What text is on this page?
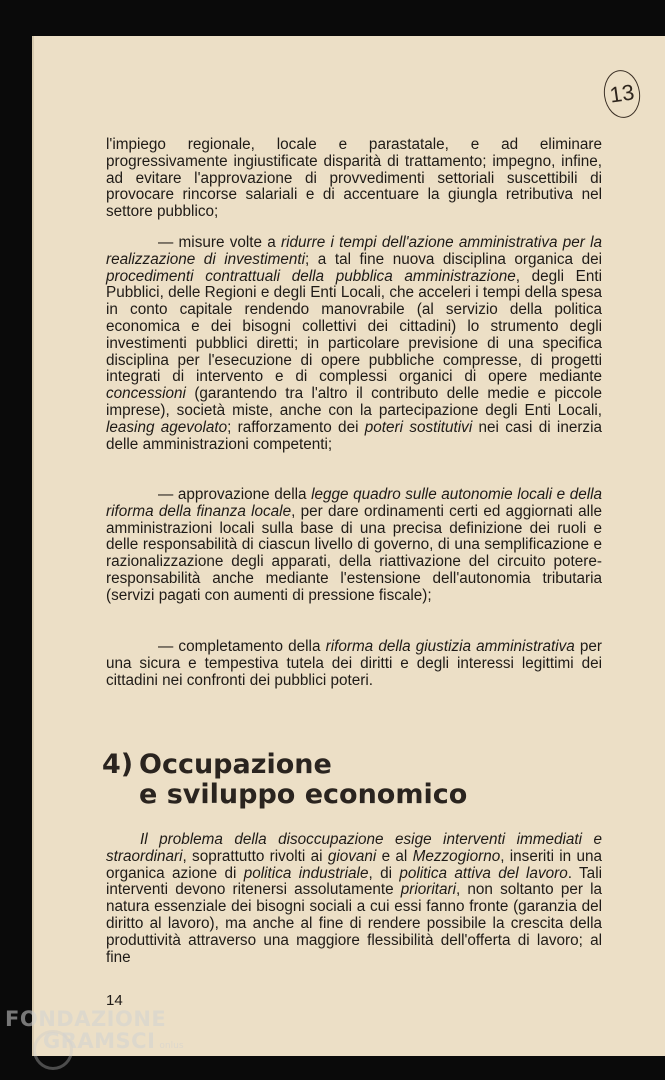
13

l'impiego regionale, locale e parastatale, e ad eliminare progressivamente ingiustificate disparità di trattamento; impegno, infine, ad evitare l'approvazione di provvedimenti settoriali suscettibili di provocare rincorse salariali e di accentuare la giungla retributiva nel settore pubblico;

— misure volte a ridurre i tempi dell'azione amministrativa per la realizzazione di investimenti; a tal fine nuova disciplina organica dei procedimenti contrattuali della pubblica amministrazione, degli Enti Pubblici, delle Regioni e degli Enti Locali, che acceleri i tempi della spesa in conto capitale rendendo manovrabile (al servizio della politica economica e dei bisogni collettivi dei cittadini) lo strumento degli investimenti pubblici diretti; in particolare previsione di una specifica disciplina per l'esecuzione di opere pubbliche compresse, di progetti integrati di intervento e di complessi organici di opere mediante concessioni (garantendo tra l'altro il contributo delle medie e piccole imprese), società miste, anche con la partecipazione degli Enti Locali, leasing agevolato; rafforzamento dei poteri sostitutivi nei casi di inerzia delle amministrazioni competenti;

— approvazione della legge quadro sulle autonomie locali e della riforma della finanza locale, per dare ordinamenti certi ed aggiornati alle amministrazioni locali sulla base di una precisa definizione dei ruoli e delle responsabilità di ciascun livello di governo, di una semplificazione e razionalizzazione degli apparati, della riattivazione del circuito potere-responsabilità anche mediante l'estensione dell'autonomia tributaria (servizi pagati con aumenti di pressione fiscale);

— completamento della riforma della giustizia amministrativa per una sicura e tempestiva tutela dei diritti e degli interessi legittimi dei cittadini nei confronti dei pubblici poteri.

4) Occupazione
e sviluppo economico

Il problema della disoccupazione esige interventi immediati e straordinari, soprattutto rivolti ai giovani e al Mezzogiorno, inseriti in una organica azione di politica industriale, di politica attiva del lavoro. Tali interventi devono ritenersi assolutamente prioritari, non soltanto per la natura essenziale dei bisogni sociali a cui essi fanno fronte (garanzia del diritto al lavoro), ma anche al fine di rendere possibile la crescita della produttività attraverso una maggiore flessibilità dell'offerta di lavoro; al fine

14
FONDAZIONE
GRAMSCI onlus
